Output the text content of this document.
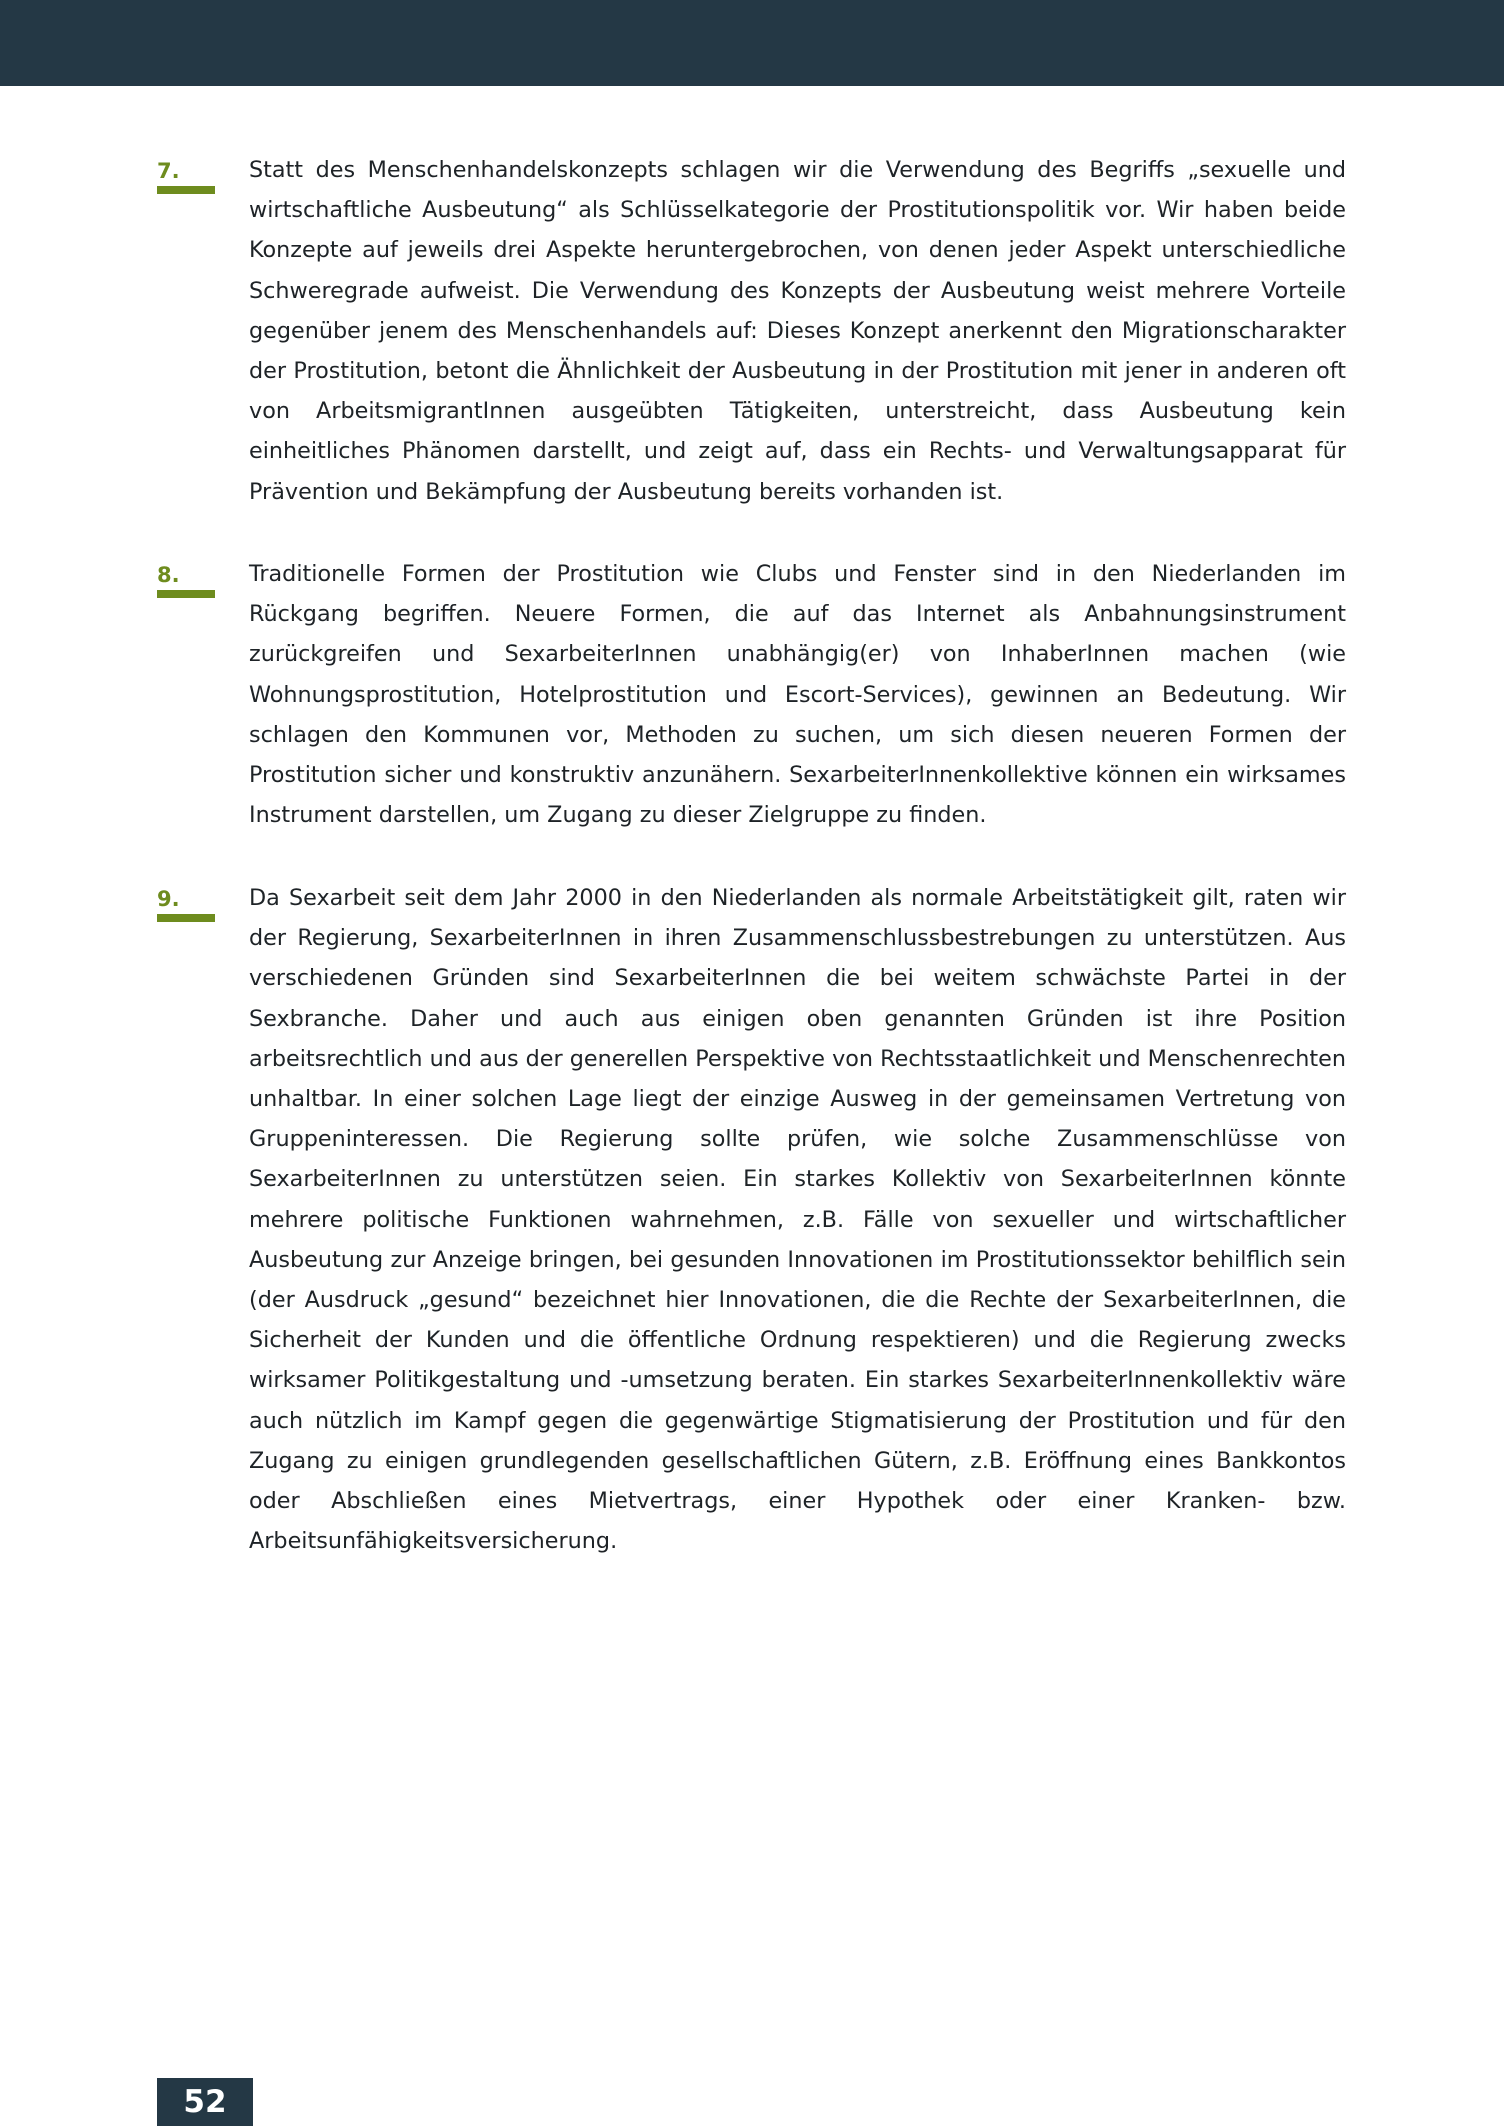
7.	Statt des Menschenhandelskonzepts schlagen wir die Verwendung des Begriffs „sexuelle und wirtschaftliche Ausbeutung“ als Schlüsselkategorie der Prostitutionspolitik vor. Wir haben beide Konzepte auf jeweils drei Aspekte heruntergebrochen, von denen jeder Aspekt unterschiedliche Schweregrade aufweist. Die Verwendung des Konzepts der Ausbeutung weist mehrere Vorteile gegenüber jenem des Menschenhandels auf: Dieses Konzept anerkennt den Migrationscharakter der Prostitution, betont die Ähnlichkeit der Ausbeutung in der Prostitution mit jener in anderen oft von ArbeitsmigrantInnen ausgeübten Tätigkeiten, unterstreicht, dass Ausbeutung kein einheitliches Phänomen darstellt, und zeigt auf, dass ein Rechts- und Verwaltungsapparat für Prävention und Bekämpfung der Ausbeutung bereits vorhanden ist.

8.	Traditionelle Formen der Prostitution wie Clubs und Fenster sind in den Niederlanden im Rückgang begriffen. Neuere Formen, die auf das Internet als Anbahnungsinstrument zurückgreifen und SexarbeiterInnen unabhängig(er) von InhaberInnen machen (wie Wohnungsprostitution, Hotelprostitution und Escort-Services), gewinnen an Bedeutung. Wir schlagen den Kommunen vor, Methoden zu suchen, um sich diesen neueren Formen der Prostitution sicher und konstruktiv anzunähern. SexarbeiterInnenkollektive können ein wirksames Instrument darstellen, um Zugang zu dieser Zielgruppe zu finden.

9.	Da Sexarbeit seit dem Jahr 2000 in den Niederlanden als normale Arbeitstätigkeit gilt, raten wir der Regierung, SexarbeiterInnen in ihren Zusammenschlussbestrebungen zu unterstützen. Aus verschiedenen Gründen sind SexarbeiterInnen die bei weitem schwächste Partei in der Sexbranche. Daher und auch aus einigen oben genannten Gründen ist ihre Position arbeitsrechtlich und aus der generellen Perspektive von Rechtsstaatlichkeit und Menschenrechten unhaltbar. In einer solchen Lage liegt der einzige Ausweg in der gemeinsamen Vertretung von Gruppeninteressen. Die Regierung sollte prüfen, wie solche Zusammenschlüsse von SexarbeiterInnen zu unterstützen seien. Ein starkes Kollektiv von SexarbeiterInnen könnte mehrere politische Funktionen wahrnehmen, z.B. Fälle von sexueller und wirtschaftlicher Ausbeutung zur Anzeige bringen, bei gesunden Innovationen im Prostitutionssektor behilflich sein (der Ausdruck „gesund“ bezeichnet hier Innovationen, die die Rechte der SexarbeiterInnen, die Sicherheit der Kunden und die öffentliche Ordnung respektieren) und die Regierung zwecks wirksamer Politikgestaltung und -umsetzung beraten. Ein starkes SexarbeiterInnenkollektiv wäre auch nützlich im Kampf gegen die gegenwärtige Stigmatisierung der Prostitution und für den Zugang zu einigen grundlegenden gesellschaftlichen Gütern, z.B. Eröffnung eines Bankkontos oder Abschließen eines Mietvertrags, einer Hypothek oder einer Kranken- bzw. Arbeitsunfähigkeitsversicherung.

52
